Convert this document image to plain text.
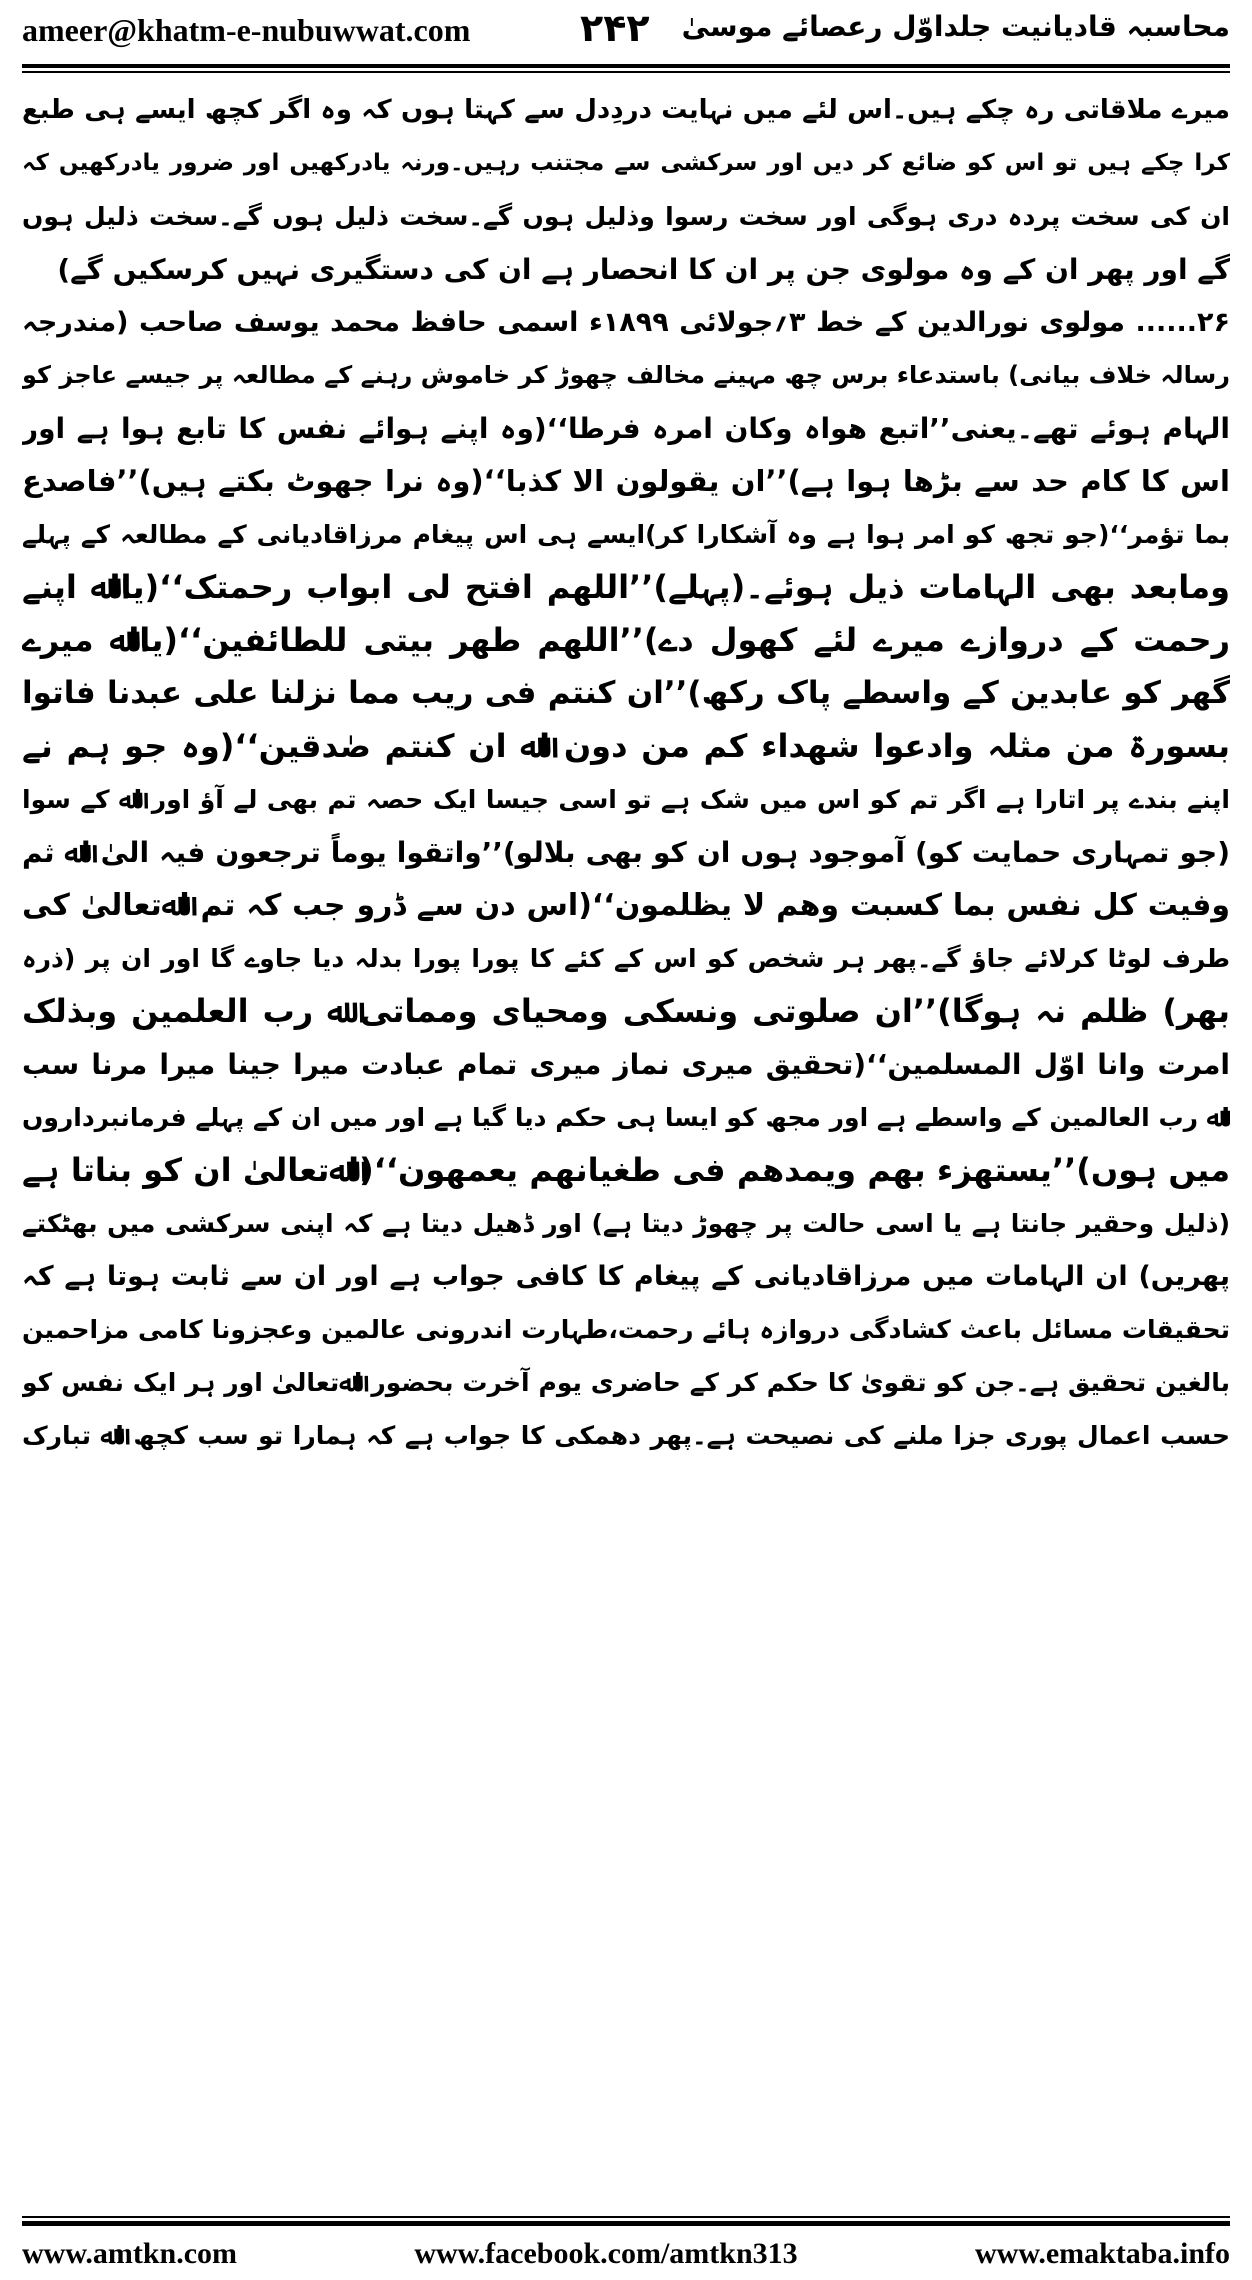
ameer@khatm-e-nubuwwat.com	۲۴۲ محاسبہ قادیانیت جلداوّل رعصائے موسیٰ
میرے ملاقاتی رہ چکے ہیں۔اس لئے میں نہایت دردِدل سے کہتا ہوں کہ وہ اگر کچھ ایسے ہی طبع
کرا چکے ہیں تو اس کو ضائع کر دیں اور سرکشی سے مجتنب رہیں۔ورنہ یادرکھیں اور ضرور یادرکھیں کہ
ان کی سخت پردہ دری ہوگی اور سخت رسوا وذلیل ہوں گے۔سخت ذلیل ہوں گے۔سخت ذلیل ہوں
گے اور پھر ان کے وہ مولوی جن پر ان کا انحصار ہے ان کی دستگیری نہیں کرسکیں گے)
۲۶...... مولوی نورالدین کے خط ۳؍جولائی ۱۸۹۹ء اسمی حافظ محمد یوسف صاحب (مندرجہ
رسالہ خلاف بیانی) باستدعاء برس چھ مہینے مخالف چھوڑ کر خاموش رہنے کے مطالعہ پر جیسے عاجز کو
الہام ہوئے تھے۔یعنی’’اتبع ھواہ وکان امرہ فرطا‘‘(وہ اپنے ہوائے نفس کا تابع ہوا ہے اور
اس کا کام حد سے بڑھا ہوا ہے)’’ان یقولون الا کذبا‘‘(وہ نرا جھوٹ بکتے ہیں)’’فاصدع
بما تؤمر‘‘(جو تجھ کو امر ہوا ہے وہ آشکارا کر)ایسے ہی اس پیغام مرزاقادیانی کے مطالعہ کے پہلے
ومابعد بھی الہامات ذیل ہوئے۔(پہلے)’’اللھم افتح لی ابواب رحمتک‘‘(یااﷲ اپنے
رحمت کے دروازے میرے لئے کھول دے)’’اللھم طھر بیتی للطائفین‘‘(یااﷲ میرے
گھر کو عابدین کے واسطے پاک رکھ)’’ان کنتم فی ریب مما نزلنا علی عبدنا فاتوا
بسورۃ من مثلہ وادعوا شھداء کم من دون اﷲ ان کنتم صٰدقین‘‘(وہ جو ہم نے
اپنے بندے پر اتارا ہے اگر تم کو اس میں شک ہے تو اسی جیسا ایک حصہ تم بھی لے آؤ اور اﷲ کے سوا
(جو تمہاری حمایت کو) آموجود ہوں ان کو بھی بلالو)’’واتقوا یوماً ترجعون فیہ الیٰ اﷲ ثم
وفیت کل نفس بما کسبت وھم لا یظلمون‘‘(اس دن سے ڈرو جب کہ تم اﷲتعالیٰ کی
طرف لوٹا کرلائے جاؤ گے۔پھر ہر شخص کو اس کے کئے کا پورا پورا بدلہ دیا جاوے گا اور ان پر (ذرہ
بھر) ظلم نہ ہوگا)’’ان صلوتی ونسکی ومحیای ومماتی ﷲ رب العلمین وبذلک
امرت وانا اوّل المسلمین‘‘(تحقیق میری نماز میری تمام عبادت میرا جینا میرا مرنا سب
اﷲ رب العالمین کے واسطے ہے اور مجھ کو ایسا ہی حکم دیا گیا ہے اور میں ان کے پہلے فرمانبرداروں
میں ہوں)’’یستھزء بھم ویمدھم فی طغیانھم یعمھون‘‘(اﷲتعالیٰ ان کو بناتا ہے
(ذلیل وحقیر جانتا ہے یا اسی حالت پر چھوڑ دیتا ہے) اور ڈھیل دیتا ہے کہ اپنی سرکشی میں بھٹکتے
پھریں) ان الہامات میں مرزاقادیانی کے پیغام کا کافی جواب ہے اور ان سے ثابت ہوتا ہے کہ
تحقیقات مسائل باعث کشادگی دروازہ ہائے رحمت،طہارت اندرونی عالمین وعجزونا کامی مزاحمین
بالغین تحقیق ہے۔جن کو تقویٰ کا حکم کر کے حاضری یوم آخرت بحضور اﷲتعالیٰ اور ہر ایک نفس کو
حسب اعمال پوری جزا ملنے کی نصیحت ہے۔پھر دھمکی کا جواب ہے کہ ہمارا تو سب کچھ اﷲ تبارک
www.amtkn.com	www.facebook.com/amtkn313	www.emaktaba.info
